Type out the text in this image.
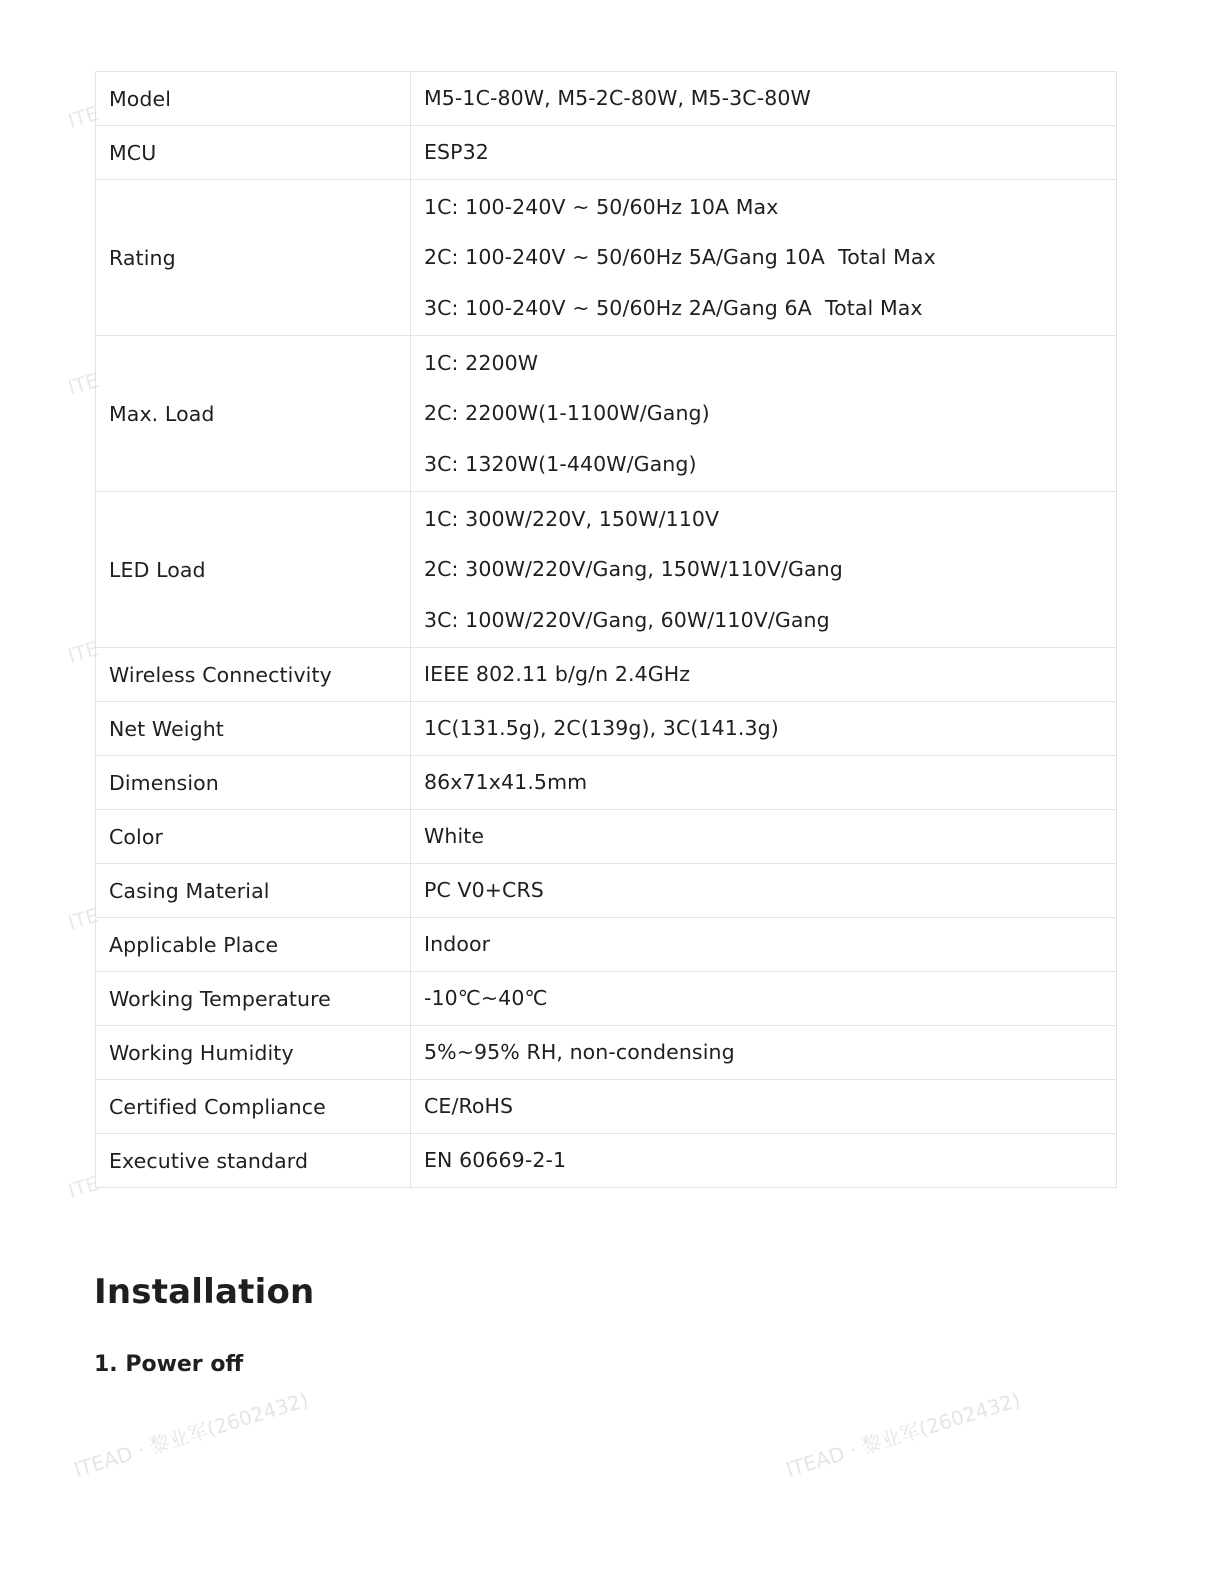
Model	M5-1C-80W, M5-2C-80W, M5-3C-80W

MCU	ESP32

Rating	1C: 100-240V ~ 50/60Hz 10A Max
2C: 100-240V ~ 50/60Hz 5A/Gang 10A  Total Max
3C: 100-240V ~ 50/60Hz 2A/Gang 6A  Total Max

Max. Load	1C: 2200W
2C: 2200W(1-1100W/Gang)
3C: 1320W(1-440W/Gang)

LED Load	1C: 300W/220V, 150W/110V
2C: 300W/220V/Gang, 150W/110V/Gang
3C: 100W/220V/Gang, 60W/110V/Gang

Wireless Connectivity	IEEE 802.11 b/g/n 2.4GHz

Net Weight	1C(131.5g), 2C(139g), 3C(141.3g)

Dimension	86x71x41.5mm

Color	White

Casing Material	PC V0+CRS

Applicable Place	Indoor

Working Temperature	-10℃~40℃

Working Humidity	5%~95% RH, non-condensing

Certified Compliance	CE/RoHS

Executive standard	EN 60669-2-1
Installation
1. Power off
ITEAD · 黎业军(2602432)	ITEAD · 黎业军(2602432)
ITE
ITE
ITE
ITE
ITE
